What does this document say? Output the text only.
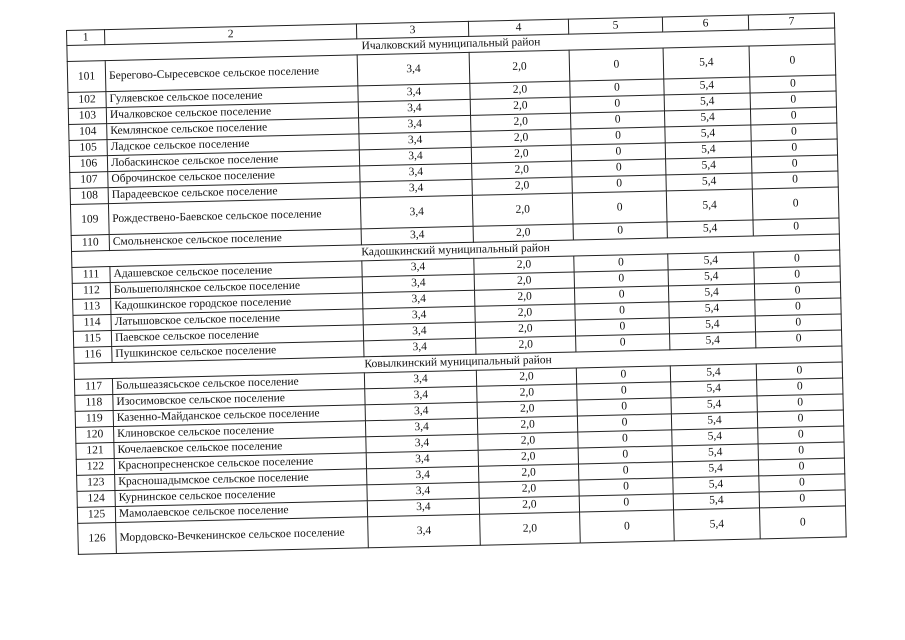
1	2	3	4	5	6	7
Ичалковский муниципальный район						
101	Берегово-Сыресевское сельское поселение	3,4	2,0	0	5,4	0
102	Гуляевское сельское поселение	3,4	2,0	0	5,4	0
103	Ичалковское сельское поселение	3,4	2,0	0	5,4	0
104	Кемлянское сельское поселение	3,4	2,0	0	5,4	0
105	Ладское сельское поселение	3,4	2,0	0	5,4	0
106	Лобаскинское сельское поселение	3,4	2,0	0	5,4	0
107	Оброчинское сельское поселение	3,4	2,0	0	5,4	0
108	Парадеевское сельское поселение	3,4	2,0	0	5,4	0
109	Рождествено-Баевское сельское поселение	3,4	2,0	0	5,4	0
110	Смольненское сельское поселение	3,4	2,0	0	5,4	0
Кадошкинский муниципальный район						
111	Адашевское сельское поселение	3,4	2,0	0	5,4	0
112	Большеполянское сельское поселение	3,4	2,0	0	5,4	0
113	Кадошкинское городское поселение	3,4	2,0	0	5,4	0
114	Латышовское сельское поселение	3,4	2,0	0	5,4	0
115	Паевское сельское поселение	3,4	2,0	0	5,4	0
116	Пушкинское сельское поселение	3,4	2,0	0	5,4	0
Ковылкинский муниципальный район						
117	Большеазясьское сельское поселение	3,4	2,0	0	5,4	0
118	Изосимовское сельское поселение	3,4	2,0	0	5,4	0
119	Казенно-Майданское сельское поселение	3,4	2,0	0	5,4	0
120	Клиновское сельское поселение	3,4	2,0	0	5,4	0
121	Кочелаевское сельское поселение	3,4	2,0	0	5,4	0
122	Краснопресненское сельское поселение	3,4	2,0	0	5,4	0
123	Красношадымское сельское поселение	3,4	2,0	0	5,4	0
124	Курнинское сельское поселение	3,4	2,0	0	5,4	0
125	Мамолаевское сельское поселение	3,4	2,0	0	5,4	0
126	Мордовско-Вечкенинское сельское поселение	3,4	2,0	0	5,4	0
